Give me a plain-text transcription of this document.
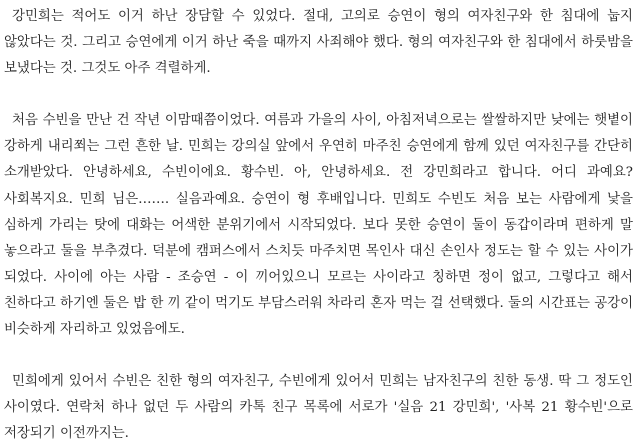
강민희는 적어도 이거 하난 장담할 수 있었다. 절대, 고의로 승연이 형의 여자친구와 한 침대에 눕지 않았다는 것. 그리고 승연에게 이거 하난 죽을 때까지 사죄해야 했다. 형의 여자친구와 한 침대에서 하룻밤을 보냈다는 것. 그것도 아주 격렬하게.

처음 수빈을 만난 건 작년 이맘때쯤이었다. 여름과 가을의 사이, 아침저녁으로는 쌀쌀하지만 낮에는 햇볕이 강하게 내리쬐는 그런 흔한 날. 민희는 강의실 앞에서 우연히 마주친 승연에게 함께 있던 여자친구를 간단히 소개받았다. 안녕하세요, 수빈이에요. 황수빈. 아, 안녕하세요. 전 강민희라고 합니다. 어디 과예요? 사회복지요. 민희 님은……. 실음과예요. 승연이 형 후배입니다. 민희도 수빈도 처음 보는 사람에게 낯을 심하게 가리는 탓에 대화는 어색한 분위기에서 시작되었다. 보다 못한 승연이 둘이 동갑이라며 편하게 말 놓으라고 둘을 부추겼다. 덕분에 캠퍼스에서 스치듯 마주치면 목인사 대신 손인사 정도는 할 수 있는 사이가 되었다. 사이에 아는 사람 - 조승연 - 이 끼어있으니 모르는 사이라고 칭하면 정이 없고, 그렇다고 해서 친하다고 하기엔 둘은 밥 한 끼 같이 먹기도 부담스러워 차라리 혼자 먹는 걸 선택했다. 둘의 시간표는 공강이 비슷하게 자리하고 있었음에도.

민희에게 있어서 수빈은 친한 형의 여자친구, 수빈에게 있어서 민희는 남자친구의 친한 동생. 딱 그 정도인 사이였다. 연락처 하나 없던 두 사람의 카톡 친구 목록에 서로가 '실음 21 강민희', '사복 21 황수빈'으로 저장되기 이전까지는.
